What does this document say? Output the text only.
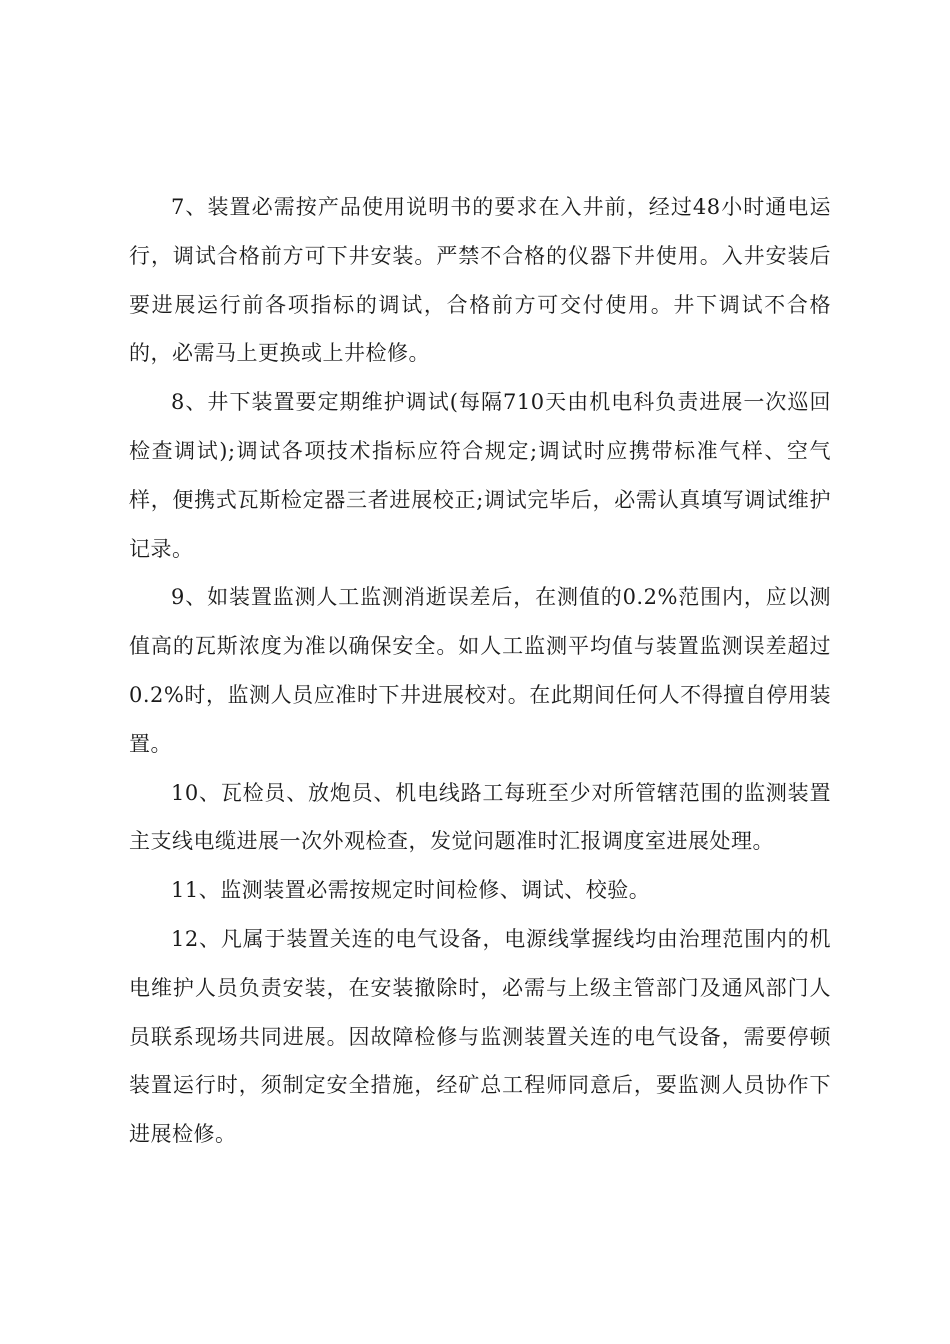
7、装置必需按产品使用说明书的要求在入井前，经过48小时通电运行，调试合格前方可下井安装。严禁不合格的仪器下井使用。入井安装后要进展运行前各项指标的调试，合格前方可交付使用。井下调试不合格的，必需马上更换或上井检修。

8、井下装置要定期维护调试(每隔710天由机电科负责进展一次巡回检查调试);调试各项技术指标应符合规定;调试时应携带标准气样、空气样，便携式瓦斯检定器三者进展校正;调试完毕后，必需认真填写调试维护记录。

9、如装置监测人工监测消逝误差后，在测值的0.2%范围内，应以测值高的瓦斯浓度为准以确保安全。如人工监测平均值与装置监测误差超过0.2%时，监测人员应准时下井进展校对。在此期间任何人不得擅自停用装置。

10、瓦检员、放炮员、机电线路工每班至少对所管辖范围的监测装置主支线电缆进展一次外观检查，发觉问题准时汇报调度室进展处理。

11、监测装置必需按规定时间检修、调试、校验。

12、凡属于装置关连的电气设备，电源线掌握线均由治理范围内的机电维护人员负责安装，在安装撤除时，必需与上级主管部门及通风部门人员联系现场共同进展。因故障检修与监测装置关连的电气设备，需要停顿装置运行时，须制定安全措施，经矿总工程师同意后，要监测人员协作下进展检修。
